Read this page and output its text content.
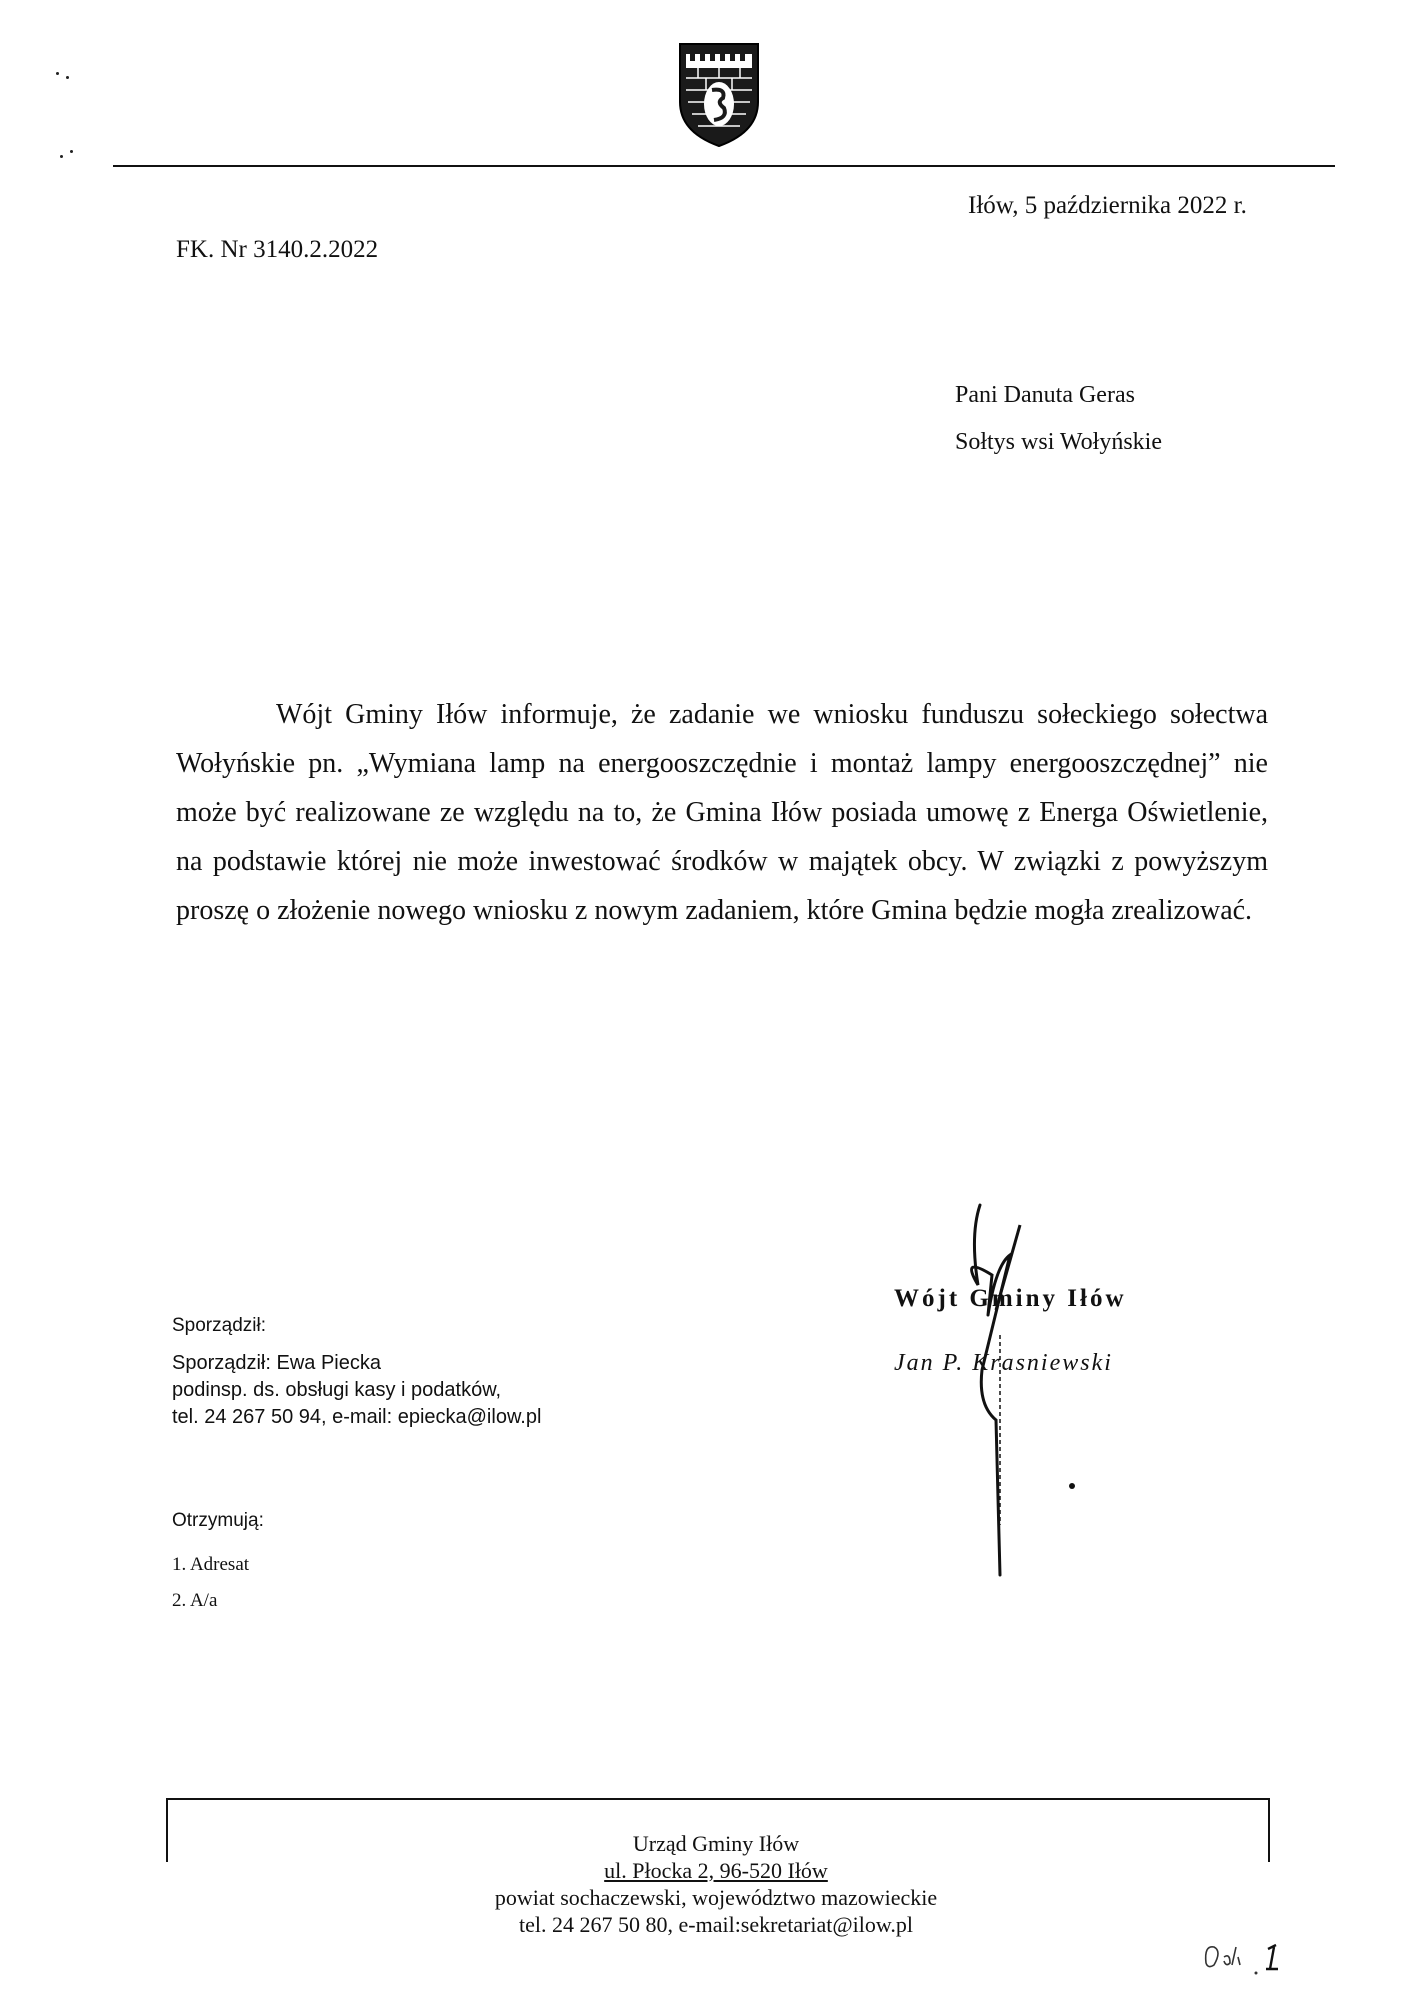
Iłów, 5 października 2022 r.
FK. Nr 3140.2.2022
Pani Danuta Geras
Sołtys wsi Wołyńskie

Wójt Gminy Iłów informuje, że zadanie we wniosku funduszu sołeckiego sołectwa Wołyńskie pn. „Wymiana lamp na energooszczędnie i montaż lampy energooszczędnej” nie może być realizowane ze względu na to, że Gmina Iłów posiada umowę z Energa Oświetlenie, na podstawie której nie może inwestować środków w majątek obcy. W związki z powyższym proszę o złożenie nowego wniosku z nowym zadaniem, które Gmina będzie mogła zrealizować.

Sporządził:
Sporządził: Ewa Piecka
podinsp. ds. obsługi kasy i podatków,
tel. 24 267 50 94, e-mail: epiecka@ilow.pl
Wójt Gminy Iłów
Jan P. Krasniewski
Otrzymują:
1. Adresat
2. A/a
Urząd Gminy Iłów
ul. Płocka 2, 96-520 Iłów
powiat sochaczewski, województwo mazowieckie
tel. 24 267 50 80, e-mail:sekretariat@ilow.pl
